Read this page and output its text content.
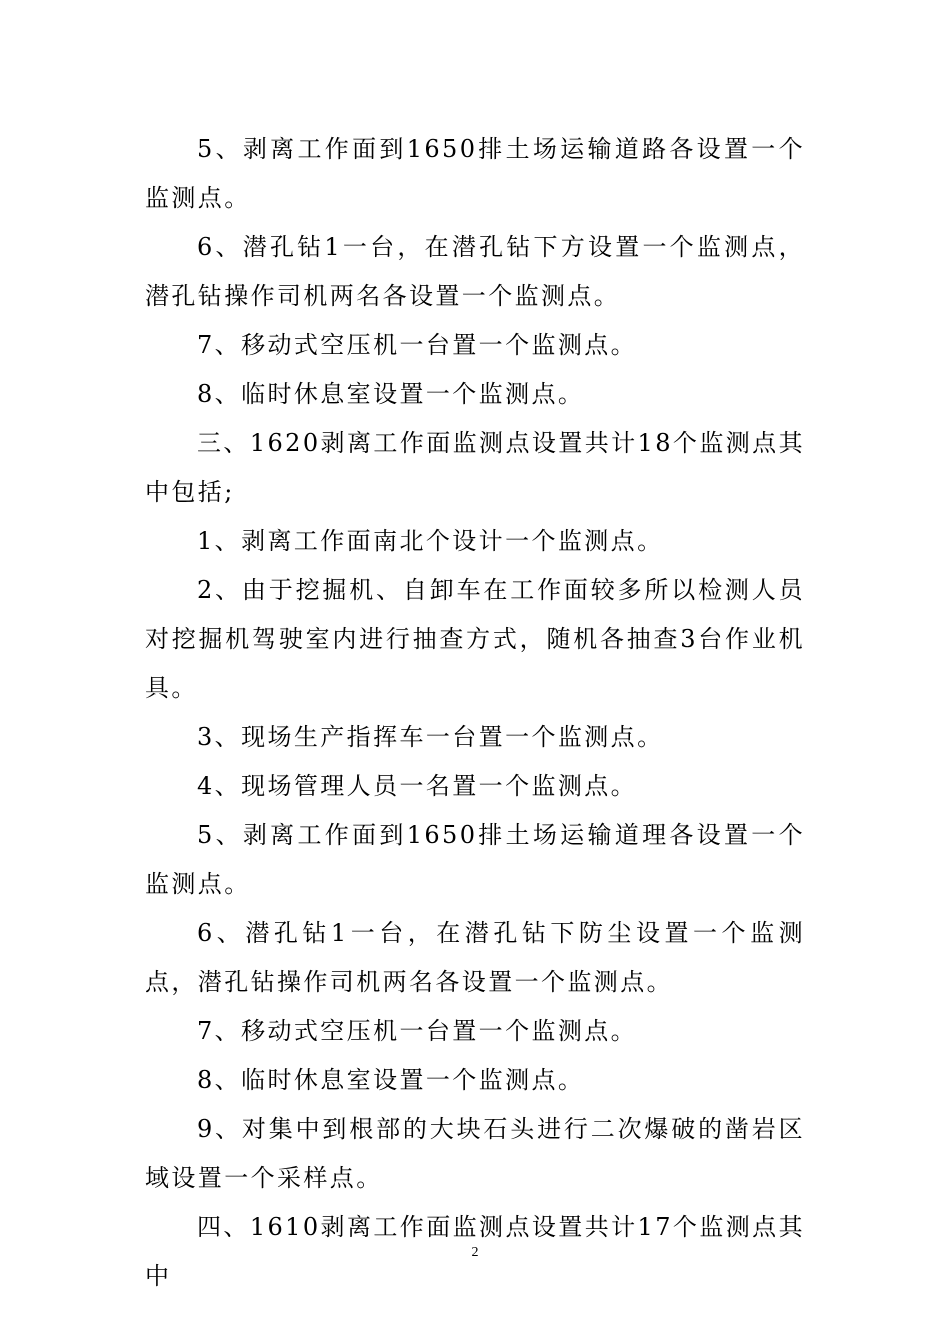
5、剥离工作面到1650排土场运输道路各设置一个监测点。

6、潜孔钻1一台，在潜孔钻下方设置一个监测点，潜孔钻操作司机两名各设置一个监测点。

7、移动式空压机一台置一个监测点。

8、临时休息室设置一个监测点。

三、1620剥离工作面监测点设置共计18个监测点其中包括;

1、剥离工作面南北个设计一个监测点。

2、由于挖掘机、自卸车在工作面较多所以检测人员对挖掘机驾驶室内进行抽查方式，随机各抽查3台作业机具。

3、现场生产指挥车一台置一个监测点。

4、现场管理人员一名置一个监测点。

5、剥离工作面到1650排土场运输道理各设置一个监测点。

6、潜孔钻1一台，在潜孔钻下防尘设置一个监测点，潜孔钻操作司机两名各设置一个监测点。

7、移动式空压机一台置一个监测点。

8、临时休息室设置一个监测点。

9、对集中到根部的大块石头进行二次爆破的凿岩区域设置一个采样点。

四、1610剥离工作面监测点设置共计17个监测点其中

2
